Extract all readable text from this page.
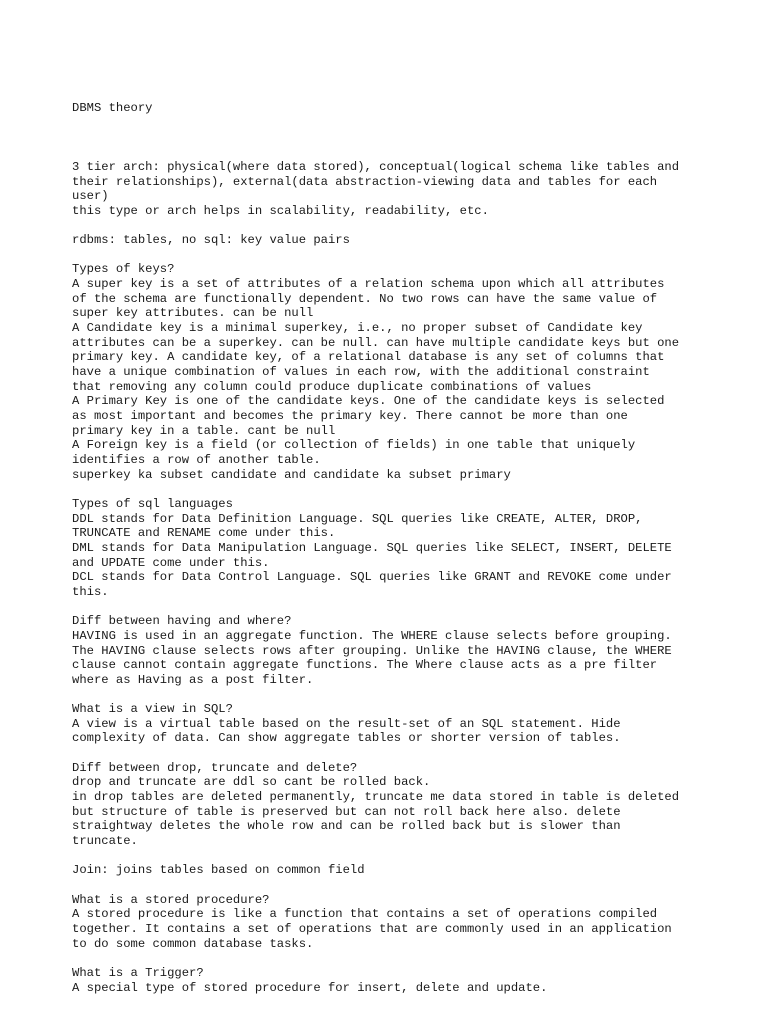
DBMS theory

3 tier arch: physical(where data stored), conceptual(logical schema like tables and
their relationships), external(data abstraction-viewing data and tables for each
user)
this type or arch helps in scalability, readability, etc.
rdbms: tables, no sql: key value pairs
Types of keys?
A super key is a set of attributes of a relation schema upon which all attributes
of the schema are functionally dependent. No two rows can have the same value of
super key attributes. can be null
A Candidate key is a minimal superkey, i.e., no proper subset of Candidate key
attributes can be a superkey. can be null. can have multiple candidate keys but one
primary key. A candidate key, of a relational database is any set of columns that
have a unique combination of values in each row, with the additional constraint
that removing any column could produce duplicate combinations of values
A Primary Key is one of the candidate keys. One of the candidate keys is selected
as most important and becomes the primary key. There cannot be more than one
primary key in a table. cant be null
A Foreign key is a field (or collection of fields) in one table that uniquely
identifies a row of another table.
superkey ka subset candidate and candidate ka subset primary
Types of sql languages
DDL stands for Data Definition Language. SQL queries like CREATE, ALTER, DROP,
TRUNCATE and RENAME come under this.
DML stands for Data Manipulation Language. SQL queries like SELECT, INSERT, DELETE
and UPDATE come under this.
DCL stands for Data Control Language. SQL queries like GRANT and REVOKE come under
this.
Diff between having and where?
HAVING is used in an aggregate function. The WHERE clause selects before grouping.
The HAVING clause selects rows after grouping. Unlike the HAVING clause, the WHERE
clause cannot contain aggregate functions. The Where clause acts as a pre filter
where as Having as a post filter.
What is a view in SQL?
A view is a virtual table based on the result-set of an SQL statement. Hide
complexity of data. Can show aggregate tables or shorter version of tables.
Diff between drop, truncate and delete?
drop and truncate are ddl so cant be rolled back.
in drop tables are deleted permanently, truncate me data stored in table is deleted
but structure of table is preserved but can not roll back here also. delete
straightway deletes the whole row and can be rolled back but is slower than
truncate.
Join: joins tables based on common field
What is a stored procedure?
A stored procedure is like a function that contains a set of operations compiled
together. It contains a set of operations that are commonly used in an application
to do some common database tasks.
What is a Trigger?
A special type of stored procedure for insert, delete and update.
